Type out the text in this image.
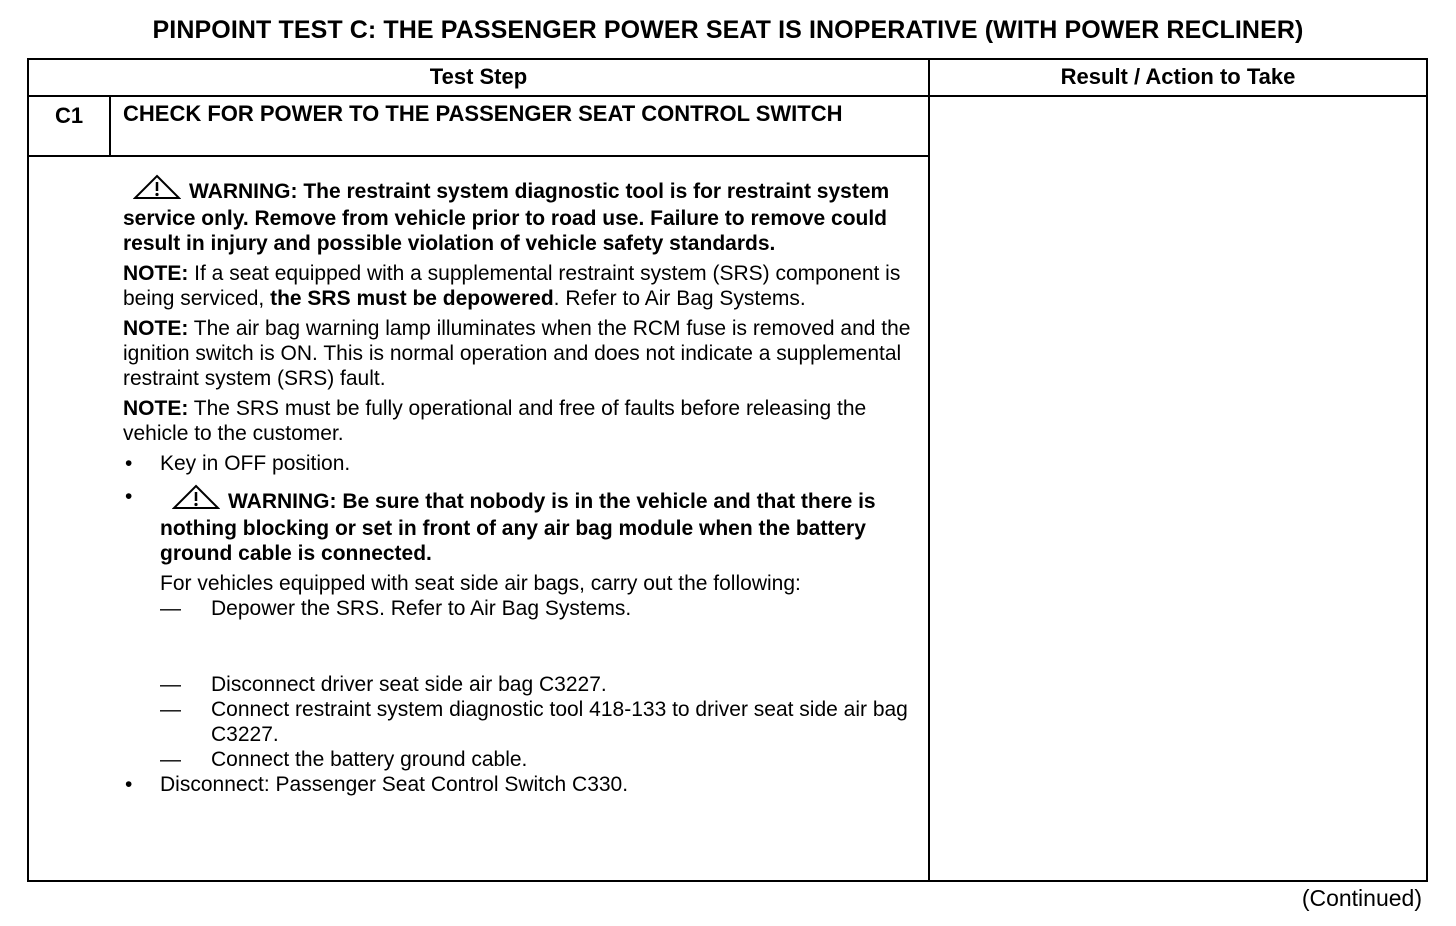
PINPOINT TEST C: THE PASSENGER POWER SEAT IS INOPERATIVE (WITH POWER RECLINER)
Test Step	Result / Action to Take
C1	CHECK FOR POWER TO THE PASSENGER SEAT CONTROL SWITCH

WARNING: The restraint system diagnostic tool is for restraint system service only. Remove from vehicle prior to road use. Failure to remove could result in injury and possible violation of vehicle safety standards.

NOTE: If a seat equipped with a supplemental restraint system (SRS) component is being serviced, the SRS must be depowered. Refer to Air Bag Systems.

NOTE: The air bag warning lamp illuminates when the RCM fuse is removed and the ignition switch is ON. This is normal operation and does not indicate a supplemental restraint system (SRS) fault.

NOTE: The SRS must be fully operational and free of faults before releasing the vehicle to the customer.

• Key in OFF position.
•	WARNING: Be sure that nobody is in the vehicle and that there is nothing blocking or set in front of any air bag module when the battery ground cable is connected.
For vehicles equipped with seat side air bags, carry out the following:
— Depower the SRS. Refer to Air Bag Systems.
— Disconnect driver seat side air bag C3227.
— Connect restraint system diagnostic tool 418-133 to driver seat side air bag C3227.
— Connect the battery ground cable.
• Disconnect: Passenger Seat Control Switch C330.
(Continued)
